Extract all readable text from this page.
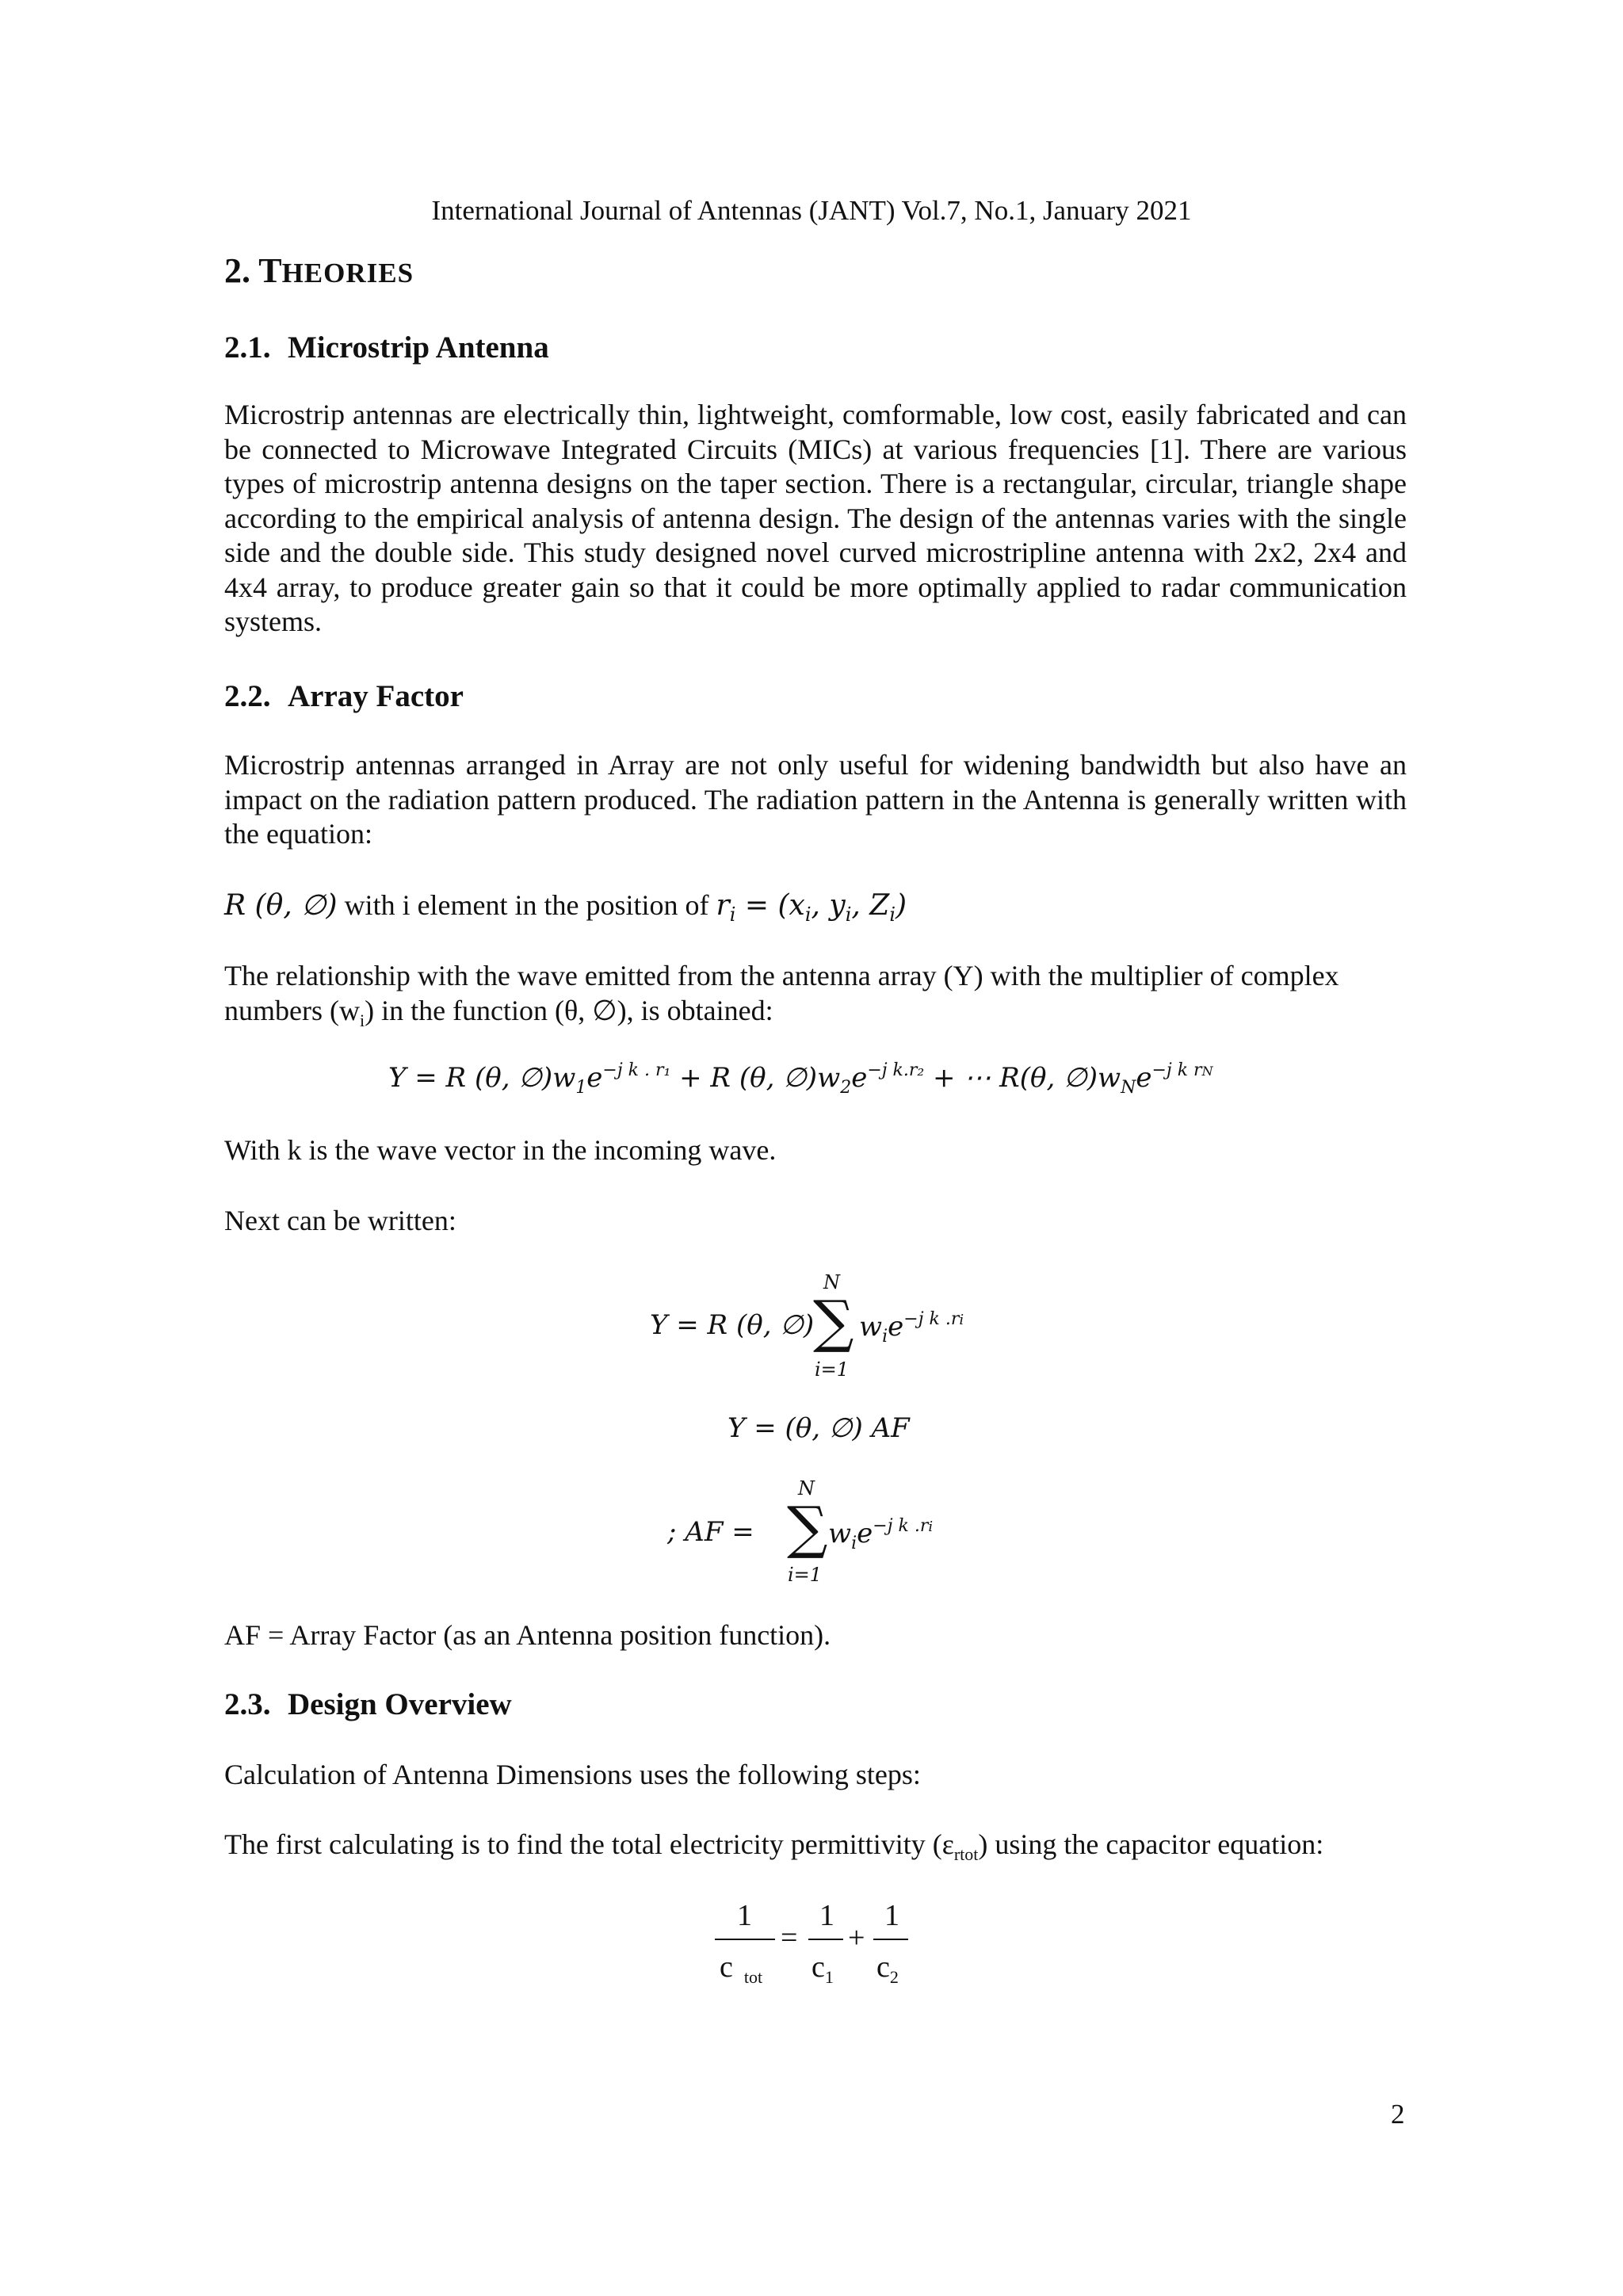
International Journal of Antennas (JANT) Vol.7, No.1, January 2021
2. THEORIES
2.1. Microstrip Antenna

Microstrip antennas are electrically thin, lightweight, comformable, low cost, easily fabricated and can be connected to Microwave Integrated Circuits (MICs) at various frequencies [1]. There are various types of microstrip antenna designs on the taper section. There is a rectangular, circular, triangle shape according to the empirical analysis of antenna design. The design of the antennas varies with the single side and the double side. This study designed novel curved microstripline antenna with 2x2, 2x4 and 4x4 array, to produce greater gain so that it could be more optimally applied to radar communication systems.

2.2. Array Factor

Microstrip antennas arranged in Array are not only useful for widening bandwidth but also have an impact on the radiation pattern produced. The radiation pattern in the Antenna is generally written with the equation:

R (θ, ∅) with i element in the position of $r_i = (x_i$, $y_i$, $Z_i$)
The relationship with the wave emitted from the antenna array (Y) with the multiplier of complex
numbers $(w_i)$ in the function (θ, ∅), is obtained:
Y = R (θ, $\emptyset)w_1e^{-j k . r_1} + R$ (θ, $\emptyset)w_2e^{-j k.r_2}$ + ⋯ R(θ, $\emptyset)w_Ne^{-j k rN}$
With k is the wave vector in the incoming wave.
Next can be written:
Y = R (θ, ∅)
N
∑
i=1
$w_ie^{-j k .ri}$
Y = (θ, ∅) AF
; AF =
N
∑
i=1
$w_ie^{-j k .ri}$
AF = Array Factor (as an Antenna position function).
2.3. Design Overview
Calculation of Antenna Dimensions uses the following steps:
The first calculating is to find the total electricity permittivity $(\varepsilon_{rtot})$ using the capacitor equation:
1
c $_{tot}$
=
1
$c_1$
+
1
$c_2$
2
